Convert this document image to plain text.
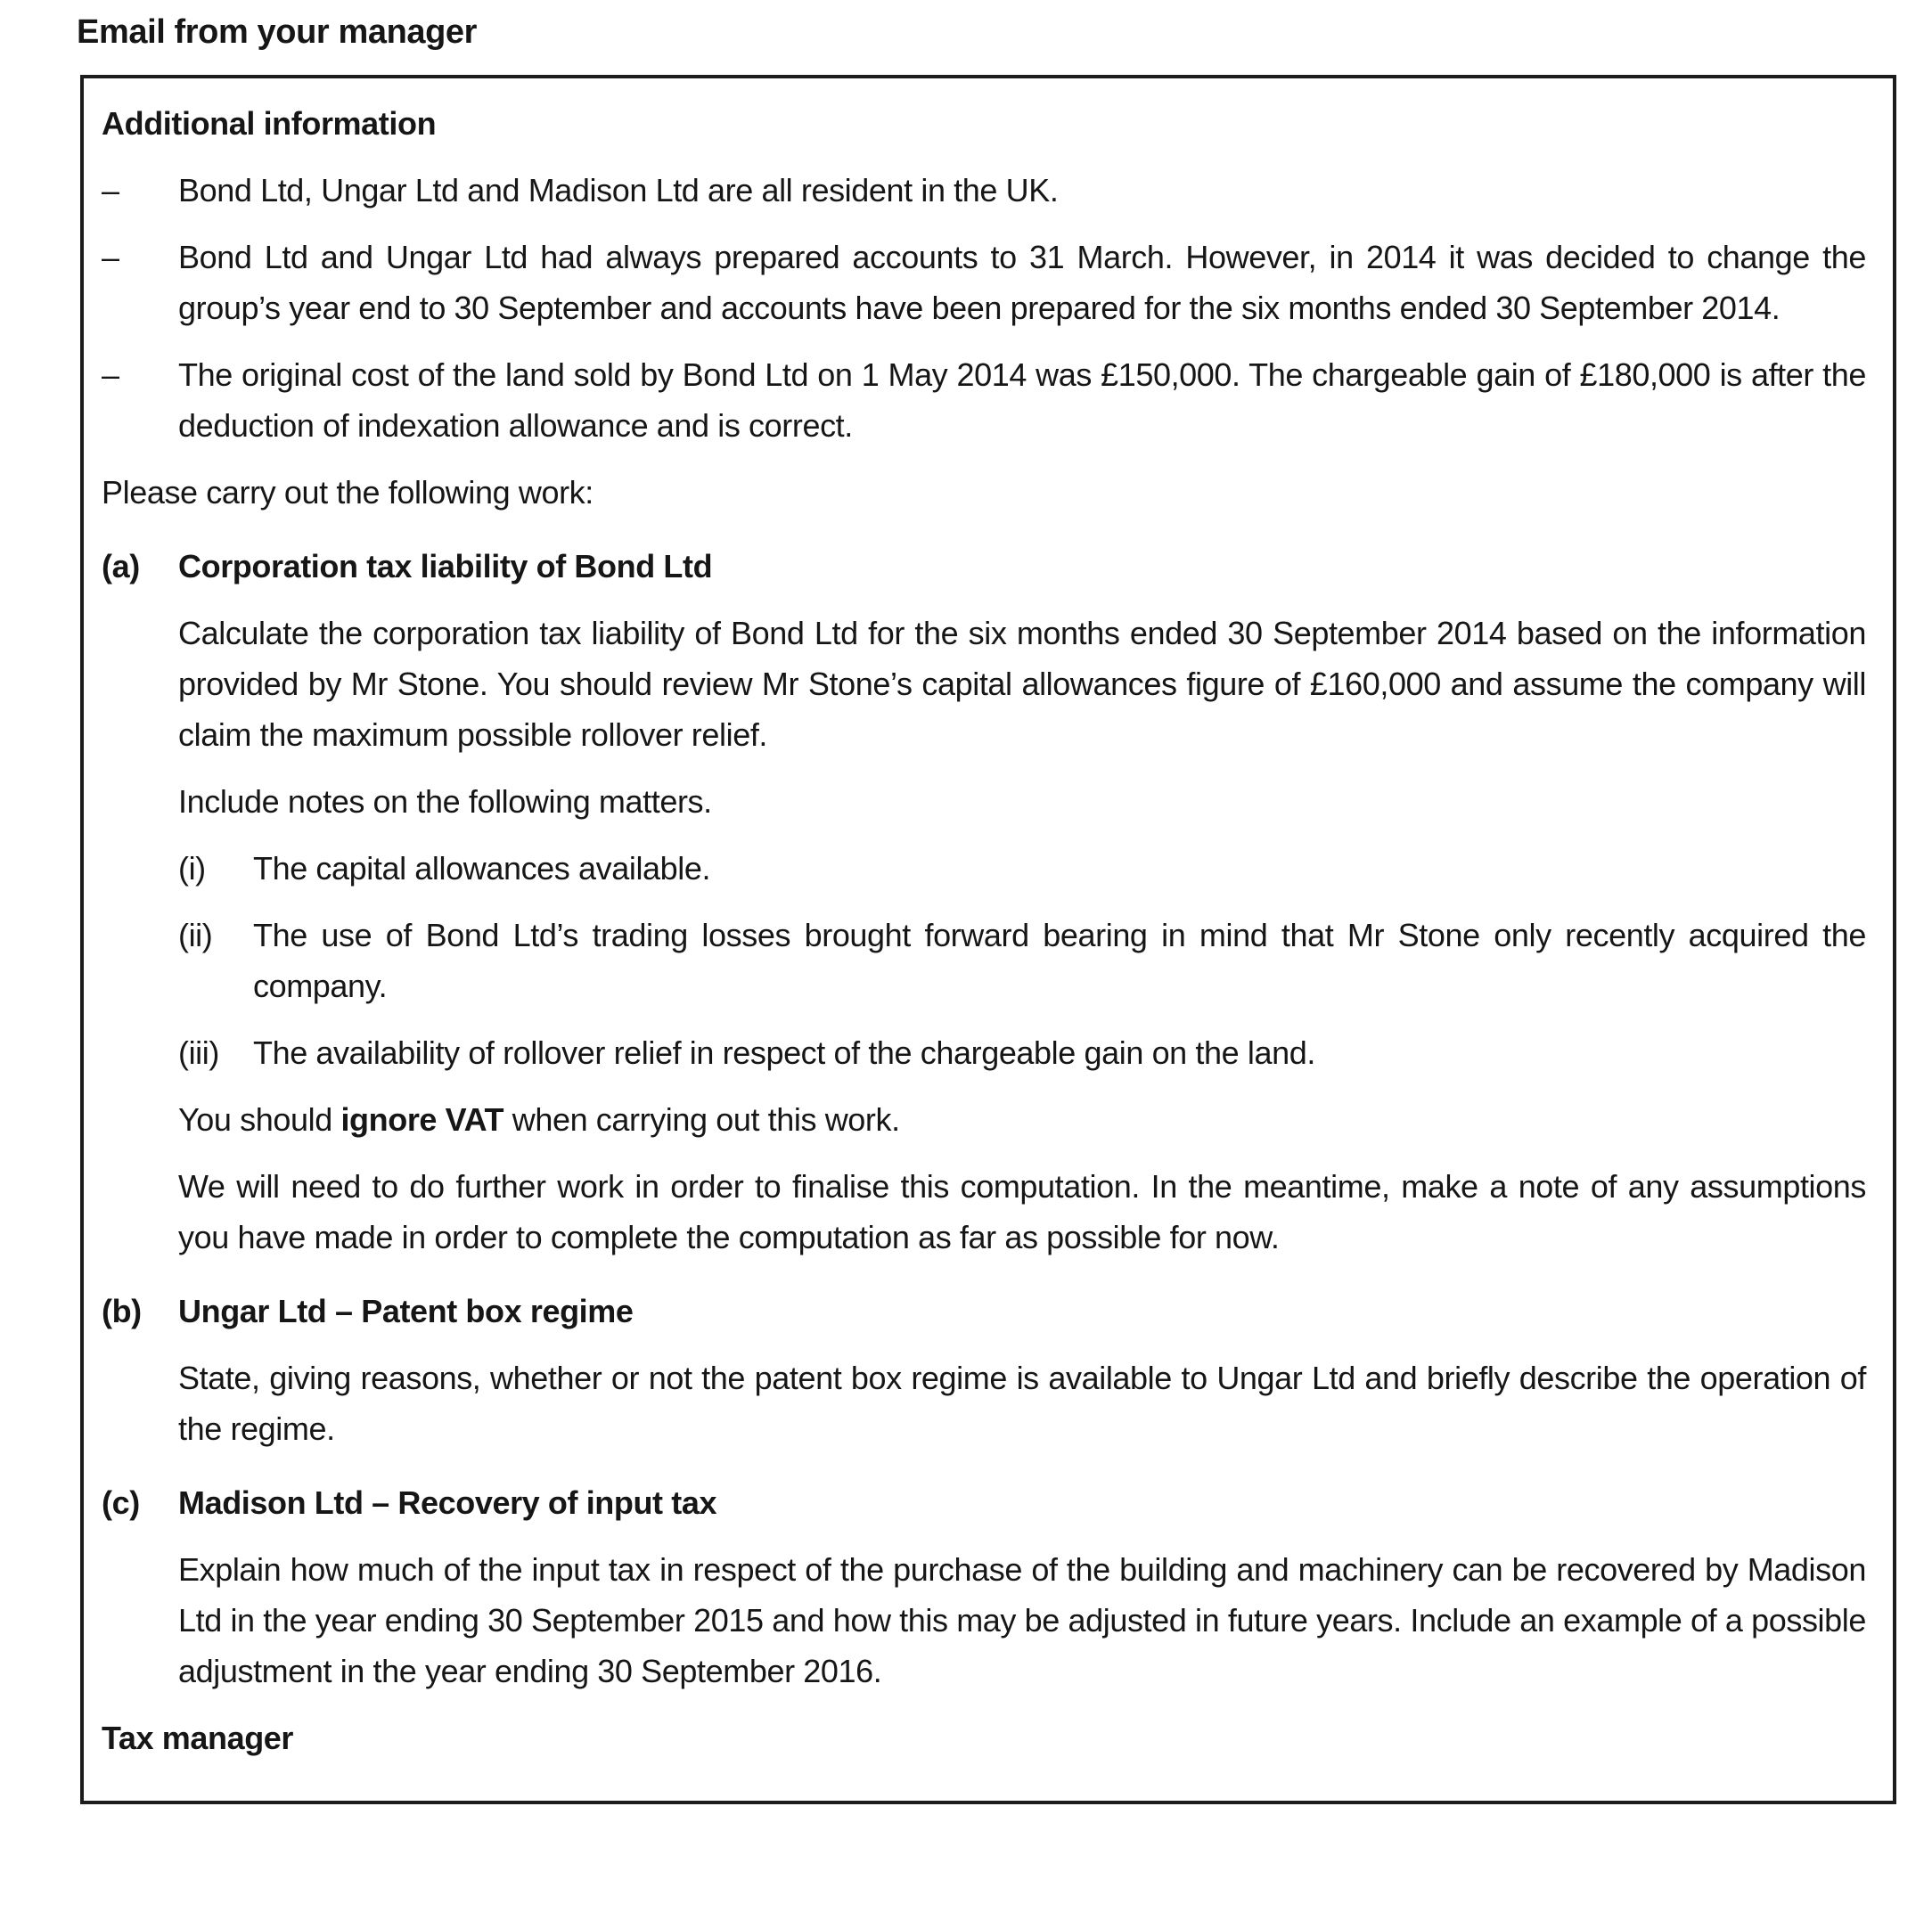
Email from your manager
Additional information
–	Bond Ltd, Ungar Ltd and Madison Ltd are all resident in the UK.
–	Bond Ltd and Ungar Ltd had always prepared accounts to 31 March. However, in 2014 it was decided to change the group’s year end to 30 September and accounts have been prepared for the six months ended 30 September 2014.
–	The original cost of the land sold by Bond Ltd on 1 May 2014 was £150,000. The chargeable gain of £180,000 is after the deduction of indexation allowance and is correct.
Please carry out the following work:
(a)	Corporation tax liability of Bond Ltd

Calculate the corporation tax liability of Bond Ltd for the six months ended 30 September 2014 based on the information provided by Mr Stone. You should review Mr Stone’s capital allowances figure of £160,000 and assume the company will claim the maximum possible rollover relief.

Include notes on the following matters.

(i)	The capital allowances available.
(ii)	The use of Bond Ltd’s trading losses brought forward bearing in mind that Mr Stone only recently acquired the company.
(iii)	The availability of rollover relief in respect of the chargeable gain on the land.

You should ignore VAT when carrying out this work.

We will need to do further work in order to finalise this computation. In the meantime, make a note of any assumptions you have made in order to complete the computation as far as possible for now.

(b)	Ungar Ltd – Patent box regime

State, giving reasons, whether or not the patent box regime is available to Ungar Ltd and briefly describe the operation of the regime.

(c)	Madison Ltd – Recovery of input tax

Explain how much of the input tax in respect of the purchase of the building and machinery can be recovered by Madison Ltd in the year ending 30 September 2015 and how this may be adjusted in future years. Include an example of a possible adjustment in the year ending 30 September 2016.

Tax manager
